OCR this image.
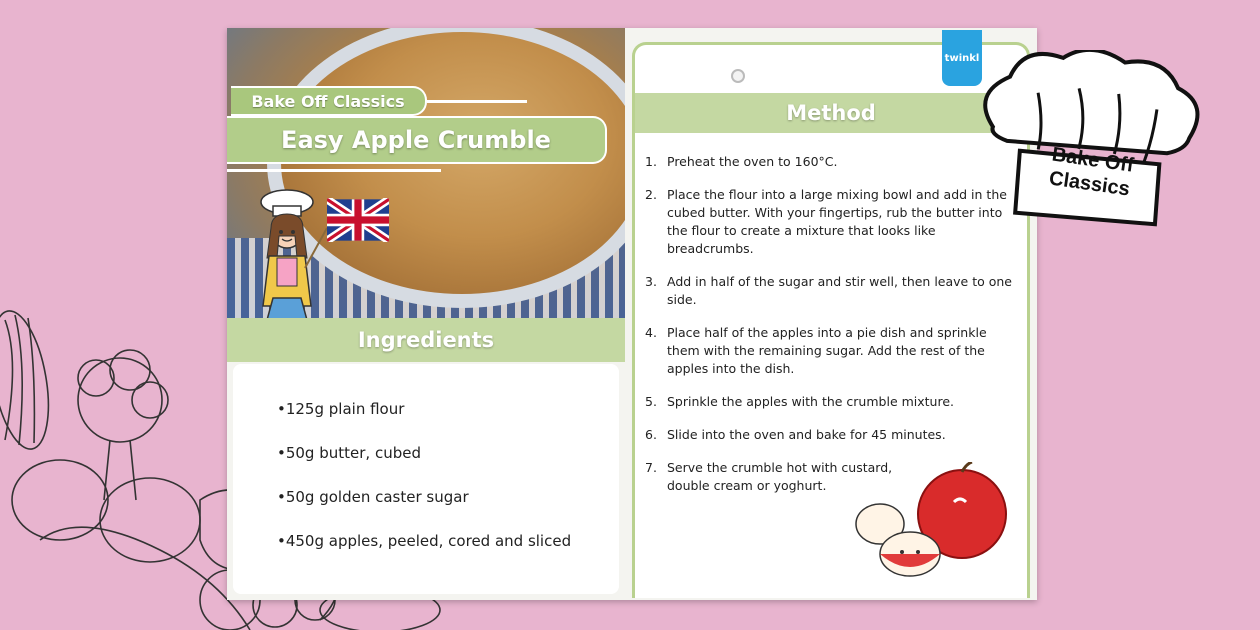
Bake Off Classics
Easy Apple Crumble
Ingredients
•125g plain flour
•50g butter, cubed
•50g golden caster sugar
•450g apples, peeled, cored and sliced
Method
1. Preheat the oven to 160°C.
2. Place the flour into a large mixing bowl and add in the cubed butter. With your fingertips, rub the butter into the flour to create a mixture that looks like breadcrumbs.
3. Add in half of the sugar and stir well, then leave to one side.
4. Place half of the apples into a pie dish and sprinkle them with the remaining sugar. Add the rest of the apples into the dish.
5. Sprinkle the apples with the crumble mixture.
6. Slide into the oven and bake for 45 minutes.
7. Serve the crumble hot with custard, double cream or yoghurt.
twinkl
Bake Off
Classics
